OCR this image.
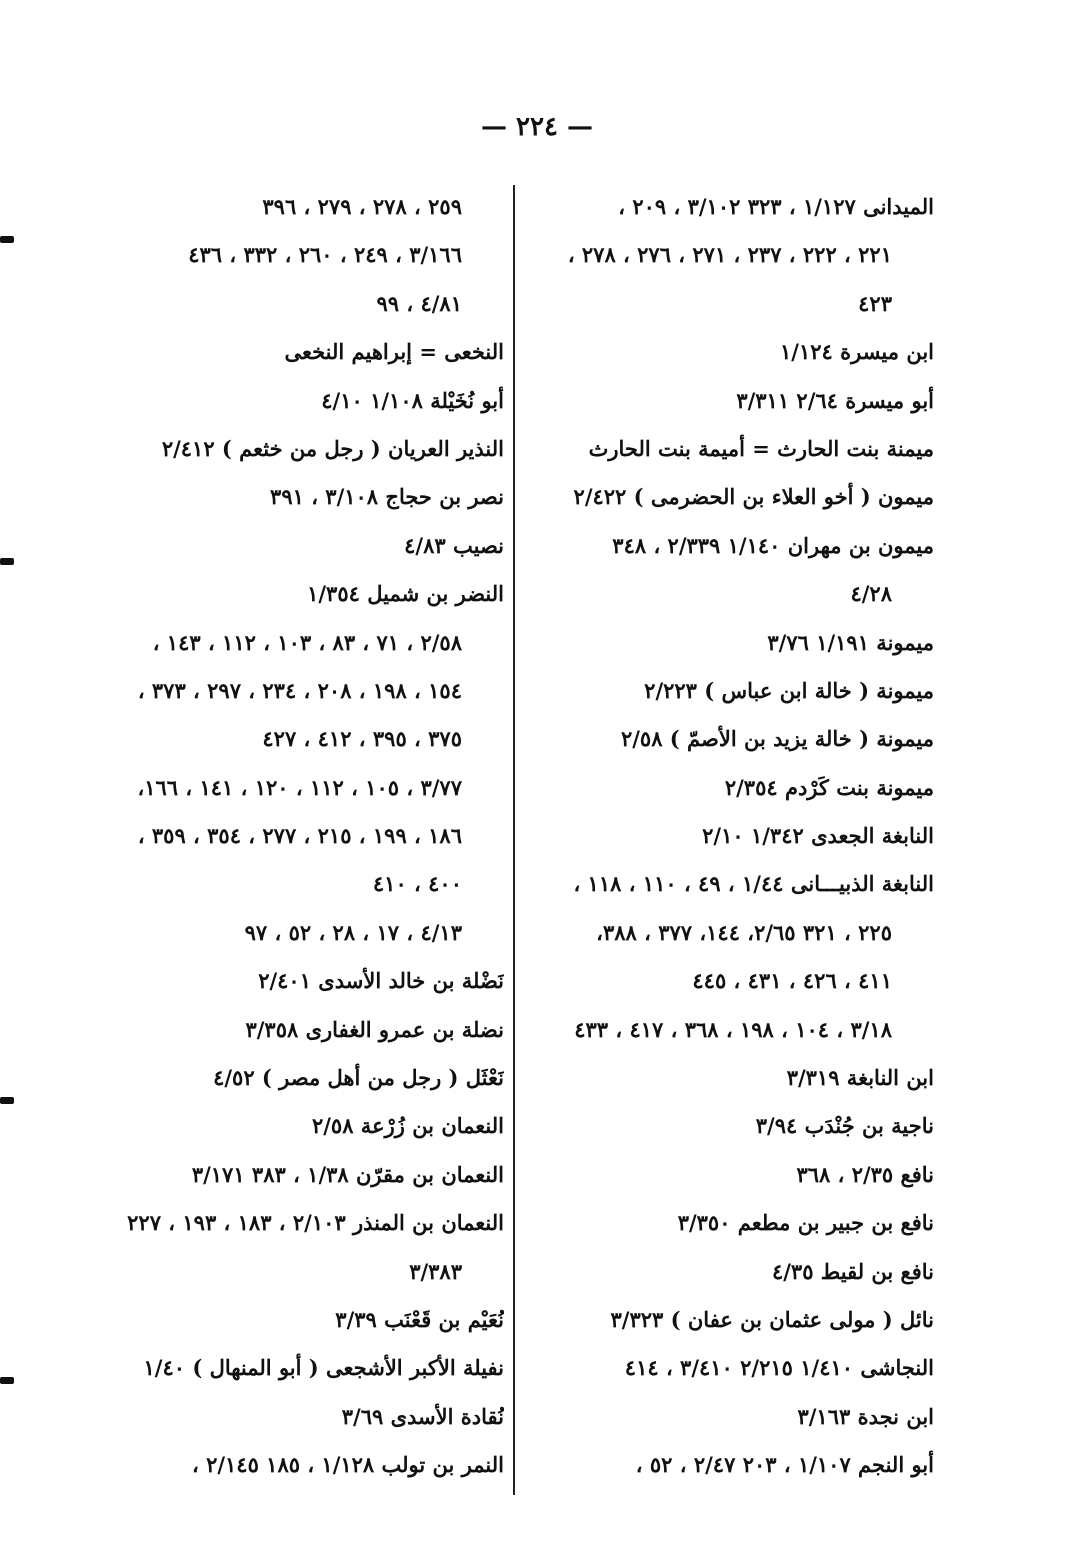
— ٢٢٤ —
الميدانى ١/١٢٧ ، ٣٢٣ ٣/١٠٢ ، ٢٠٩ ،
٢٢١ ، ٢٢٢ ، ٢٣٧ ، ٢٧١ ، ٢٧٦ ، ٢٧٨ ،
٤٢٣
ابن ميسرة ١/١٢٤
أبو ميسرة ٢/٦٤ ٣/٣١١
ميمنة بنت الحارث = أميمة بنت الحارث
ميمون ( أخو العلاء بن الحضرمى ) ٢/٤٢٢
ميمون بن مهران ١/١٤٠ ٢/٣٣٩ ، ٣٤٨
٤/٢٨
ميمونة ١/١٩١ ٣/٧٦
ميمونة ( خالة ابن عباس ) ٢/٢٢٣
ميمونة ( خالة يزيد بن الأصمّ ) ٢/٥٨
ميمونة بنت كَرْدم ٢/٣٥٤
النابغة الجعدى ١/٣٤٢ ٢/١٠
النابغة الذبيـــانى ١/٤٤ ، ٤٩ ، ١١٠ ، ١١٨ ،
٢٢٥ ، ٣٢١ ٢/٦٥، ١٤٤، ٣٧٧ ، ٣٨٨،
٤١١ ، ٤٢٦ ، ٤٣١ ، ٤٤٥
٣/١٨ ، ١٠٤ ، ١٩٨ ، ٣٦٨ ، ٤١٧ ، ٤٣٣
ابن النابغة ٣/٣١٩
ناجية بن جُنْدَب ٣/٩٤
نافع ٢/٣٥ ، ٣٦٨
نافع بن جبير بن مطعم ٣/٣٥٠
نافع بن لقيط ٤/٣٥
نائل ( مولى عثمان بن عفان ) ٣/٣٢٣
النجاشى ١/٤١٠ ٢/٢١٥ ٣/٤١٠ ، ٤١٤
ابن نجدة ٣/١٦٣
أبو النجم ١/١٠٧ ، ٢٠٣ ٢/٤٧ ، ٥٢ ،
٢٥٩ ، ٢٧٨ ، ٢٧٩ ، ٣٩٦
٣/١٦٦ ، ٢٤٩ ، ٢٦٠ ، ٣٣٢ ، ٤٣٦
٤/٨١ ، ٩٩
النخعى = إبراهيم النخعى
أبو نُخَيْلة ١/١٠٨ ٤/١٠
النذير العريان ( رجل من خثعم ) ٢/٤١٢
نصر بن حجاج ٣/١٠٨ ، ٣٩١
نصيب ٤/٨٣
النضر بن شميل ١/٣٥٤
٢/٥٨ ، ٧١ ، ٨٣ ، ١٠٣ ، ١١٢ ، ١٤٣ ،
١٥٤ ، ١٩٨ ، ٢٠٨ ، ٢٣٤ ، ٢٩٧ ، ٣٧٣ ،
٣٧٥ ، ٣٩٥ ، ٤١٢ ، ٤٢٧
٣/٧٧ ، ١٠٥ ، ١١٢ ، ١٢٠ ، ١٤١ ، ١٦٦،
١٨٦ ، ١٩٩ ، ٢١٥ ، ٢٧٧ ، ٣٥٤ ، ٣٥٩ ،
٤٠٠ ، ٤١٠
٤/١٣ ، ١٧ ، ٢٨ ، ٥٢ ، ٩٧
نَضْلة بن خالد الأسدى ٢/٤٠١
نضلة بن عمرو الغفارى ٣/٣٥٨
نَعْثَل ( رجل من أهل مصر ) ٤/٥٢
النعمان بن زُرْعة ٢/٥٨
النعمان بن مقرّن ١/٣٨ ، ٣٨٣ ٣/١٧١
النعمان بن المنذر ٢/١٠٣ ، ١٨٣ ، ١٩٣ ، ٢٢٧
٣/٣٨٣
نُعَيْم بن قَعْنَب ٣/٣٩
نفيلة الأكبر الأشجعى ( أبو المنهال ) ١/٤٠
نُقادة الأسدى ٣/٦٩
النمر بن تولب ١/١٢٨ ، ١٨٥ ٢/١٤٥ ،
